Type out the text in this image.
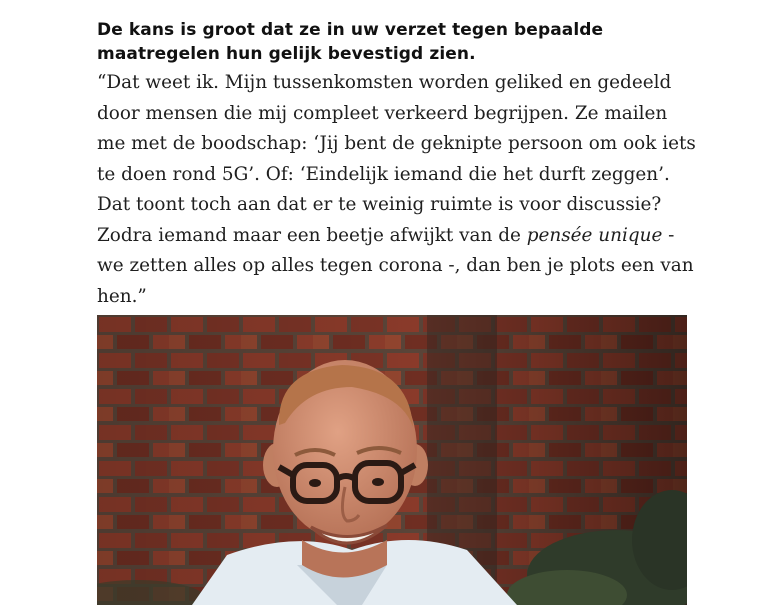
De kans is groot dat ze in uw verzet tegen bepaalde maatregelen hun gelijk bevestigd zien.

“Dat weet ik. Mijn tussenkomsten worden geliked en gedeeld door mensen die mij compleet verkeerd begrijpen. Ze mailen me met de boodschap: ‘Jij bent de geknipte persoon om ook iets te doen rond 5G’. Of: ‘Eindelijk iemand die het durft zeggen’. Dat toont toch aan dat er te weinig ruimte is voor discussie? Zodra iemand maar een beetje afwijkt van de pensée unique - we zetten alles op alles tegen corona -, dan ben je plots een van hen.”
